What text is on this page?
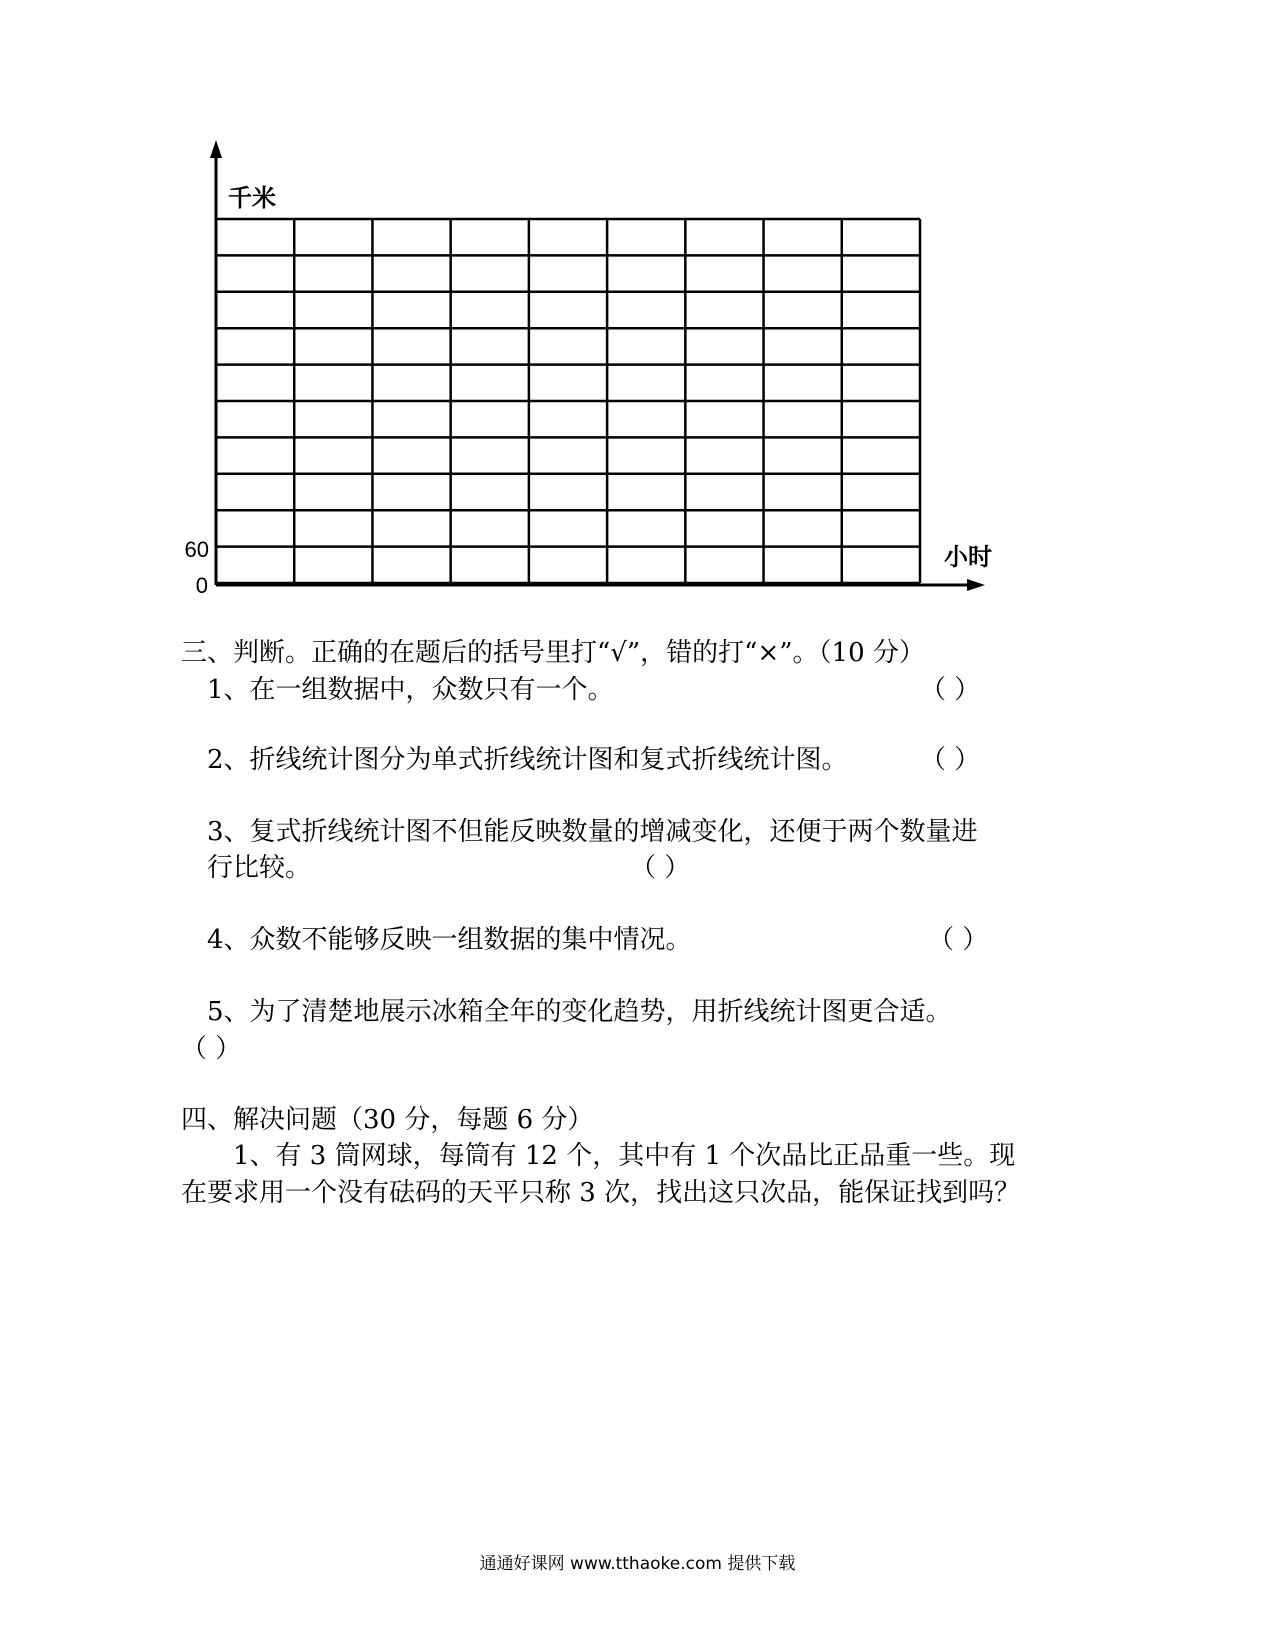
千米
小时
0
60
三、判断。正确的在题后的括号里打“√”，错的打“×”。（10 分）
1、在一组数据中，众数只有一个。	（ ）
2、折线统计图分为单式折线统计图和复式折线统计图。	（ ）
3、复式折线统计图不但能反映数量的增减变化，还便于两个数量进
行比较。	（ ）
4、众数不能够反映一组数据的集中情况。	（ ）
5、为了清楚地展示冰箱全年的变化趋势，用折线统计图更合适。
（ ）
四、解决问题（30 分，每题 6 分）
1、有 3 筒网球，每筒有 12 个，其中有 1 个次品比正品重一些。现
在要求用一个没有砝码的天平只称 3 次，找出这只次品，能保证找到吗？
通通好课网 www.tthaoke.com 提供下载
